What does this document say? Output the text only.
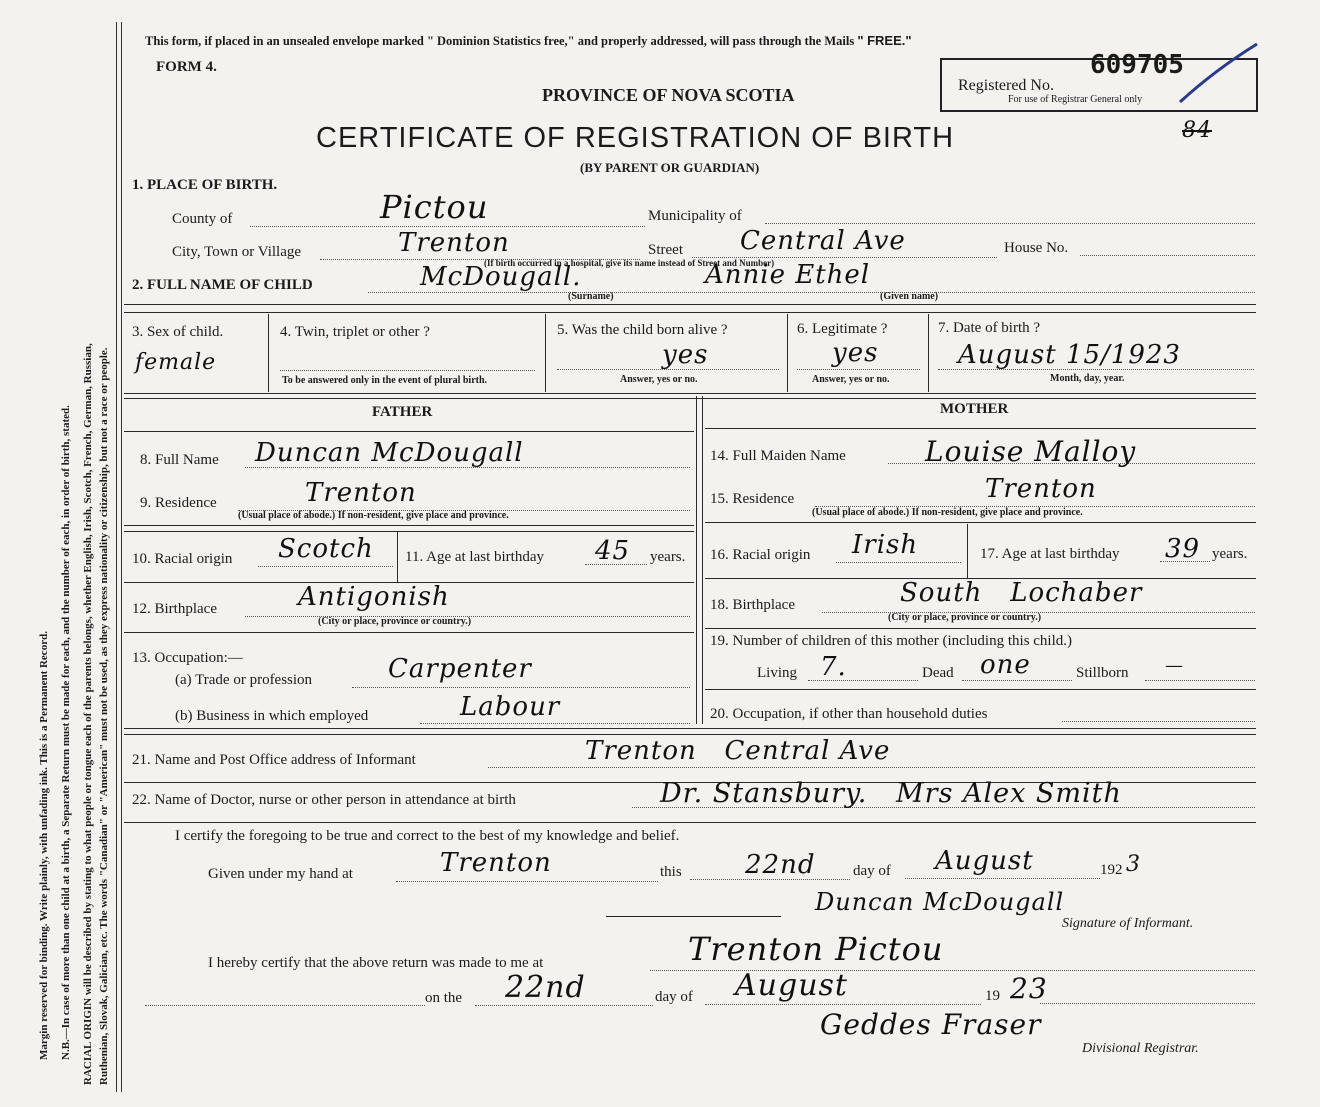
Margin reserved for binding. Write plainly, with unfading ink. This is a Permanent Record. N.B.—In case of more than one child at a birth, a Separate Return must be made for each, and the number of each, in order of birth, stated. RACIAL ORIGIN will be described by stating to what people or tongue each of the parents belongs, whether English, Irish, Scotch, French, German, Russian, Ruthenian, Slovak, Galician, etc. The words "Canadian" or "American" must not be used, as they express nationality or citizenship, but not a race or people.
This form, if placed in an unsealed envelope marked " Dominion Statistics free," and properly addressed, will pass through the Mails " FREE."
FORM 4.
PROVINCE OF NOVA SCOTIA
CERTIFICATE OF REGISTRATION OF BIRTH
(BY PARENT OR GUARDIAN)
Registered No.
For use of Registrar General only
609705
84
1. PLACE OF BIRTH.
County of	Pictou	Municipality of
City, Town or Village	Trenton	Street Central Ave	House No.
(If birth occurred in a hospital, give its name instead of Street and Number)
2. FULL NAME OF CHILD	McDougall.	Annie Ethel
(Surname)	(Given name)
3. Sex of child.
female
4. Twin, triplet or other ?
To be answered only in the event of plural birth.
5. Was the child born alive ?
yes
Answer, yes or no.
6. Legitimate ?
yes
Answer, yes or no.
7. Date of birth ?
August 15/1923
Month, day, year.
FATHER	MOTHER
8. Full Name Duncan McDougall
9. Residence	Trenton
(Usual place of abode.) If non-resident, give place and province.
10. Racial origin Scotch 11. Age at last birthday 45 years.
12. Birthplace	Antigonish
(City or place, province or country.)
13. Occupation:—
(a) Trade or profession	Carpenter
(b) Business in which employed	Labour
14. Full Maiden Name	Louise Malloy
15. Residence	Trenton
(Usual place of abode.) If non-resident, give place and province.
16. Racial origin Irish	17. Age at last birthday 39 years.
18. Birthplace	South   Lochaber
(City or place, province or country.)
19. Number of children of this mother (including this child.)
Living 7.	Dead one	Stillborn —
20. Occupation, if other than household duties
21. Name and Post Office address of Informant	Trenton   Central Ave
22. Name of Doctor, nurse or other person in attendance at birth	Dr. Stansbury.   Mrs Alex Smith
I certify the foregoing to be true and correct to the best of my knowledge and belief.
Given under my hand at	Trenton	this 22nd	day of August	192 3
Duncan McDougall
Signature of Informant.
I hereby certify that the above return was made to me at	Trenton Pictou
on the 22nd	day of August	19 23
Geddes Fraser
Divisional Registrar.
